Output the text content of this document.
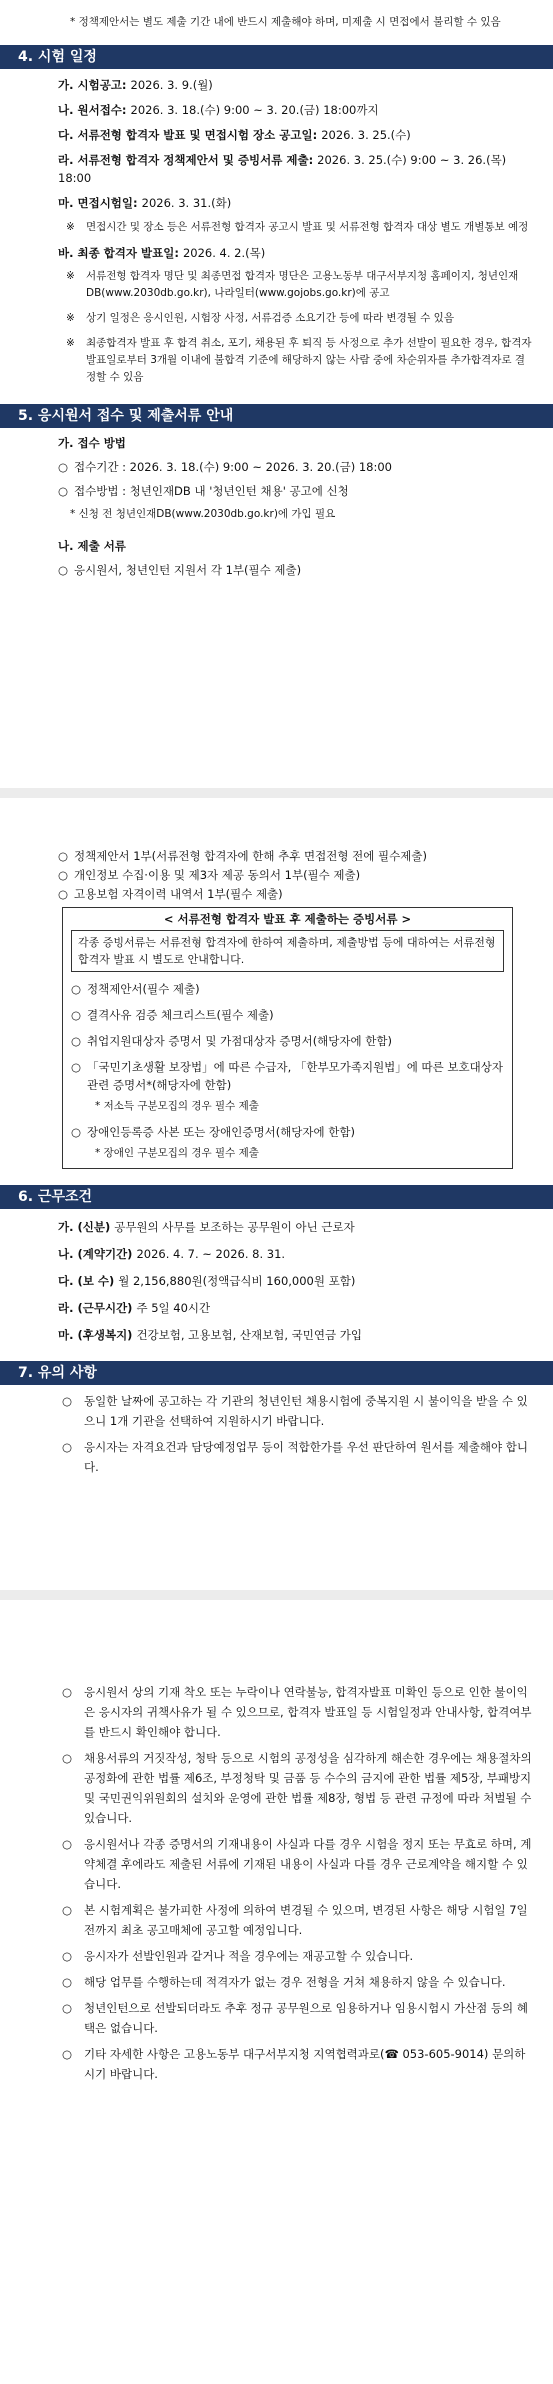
* 정책제안서는 별도 제출 기간 내에 반드시 제출해야 하며, 미제출 시 면접에서 불리할 수 있음

4. 시험 일정

가. 시험공고: 2026. 3. 9.(월)

나. 원서접수: 2026. 3. 18.(수) 9:00 ~ 3. 20.(금) 18:00까지

다. 서류전형 합격자 발표 및 면접시험 장소 공고일: 2026. 3. 25.(수)

라. 서류전형 합격자 정책제안서 및 증빙서류 제출: 2026. 3. 25.(수) 9:00 ~ 3. 26.(목) 18:00

마. 면접시험일: 2026. 3. 31.(화)

※	면접시간 및 장소 등은 서류전형 합격자 공고시 발표 및 서류전형 합격자 대상 별도 개별통보 예정

바. 최종 합격자 발표일: 2026. 4. 2.(목)

※	서류전형 합격자 명단 및 최종면접 합격자 명단은 고용노동부 대구서부지청 홈페이지, 청년인재DB(www.2030db.go.kr), 나라일터(www.gojobs.go.kr)에 공고
※	상기 일정은 응시인원, 시험장 사정, 서류검증 소요기간 등에 따라 변경될 수 있음
※	최종합격자 발표 후 합격 취소, 포기, 채용된 후 퇴직 등 사정으로 추가 선발이 필요한 경우, 합격자 발표일로부터 3개월 이내에 불합격 기준에 해당하지 않는 사람 중에 차순위자를 추가합격자로 결정할 수 있음
5. 응시원서 접수 및 제출서류 안내

가. 접수 방법

○ 접수기간 : 2026. 3. 18.(수) 9:00 ~ 2026. 3. 20.(금) 18:00
○ 접수방법 : 청년인재DB 내 '청년인턴 채용' 공고에 신청

* 신청 전 청년인재DB(www.2030db.go.kr)에 가입 필요

나. 제출 서류

○ 응시원서, 청년인턴 지원서 각 1부(필수 제출)
○ 정책제안서 1부(서류전형 합격자에 한해 추후 면접전형 전에 필수제출)
○ 개인정보 수집·이용 및 제3자 제공 동의서 1부(필수 제출)
○ 고용보험 자격이력 내역서 1부(필수 제출)
< 서류전형 합격자 발표 후 제출하는 증빙서류 >
각종 증빙서류는 서류전형 합격자에 한하여 제출하며, 제출방법 등에 대하여는 서류전형 합격자 발표 시 별도로 안내합니다.
○ 정책제안서(필수 제출)
○ 결격사유 검증 체크리스트(필수 제출)
○ 취업지원대상자 증명서 및 가점대상자 증명서(해당자에 한함)
○ 「국민기초생활 보장법」에 따른 수급자, 「한부모가족지원법」에 따른 보호대상자 관련 증명서*(해당자에 한함)

* 저소득 구분모집의 경우 필수 제출

○ 장애인등록증 사본 또는 장애인증명서(해당자에 한함)

* 장애인 구분모집의 경우 필수 제출

6. 근무조건

가. (신분) 공무원의 사무를 보조하는 공무원이 아닌 근로자

나. (계약기간) 2026. 4. 7. ~ 2026. 8. 31.

다. (보 수) 월 2,156,880원(정액급식비 160,000원 포함)

라. (근무시간) 주 5일 40시간

마. (후생복지) 건강보험, 고용보험, 산재보험, 국민연금 가입

7. 유의 사항
○	동일한 날짜에 공고하는 각 기관의 청년인턴 채용시험에 중복지원 시 불이익을 받을 수 있으니 1개 기관을 선택하여 지원하시기 바랍니다.
○	응시자는 자격요건과 담당예정업무 등이 적합한가를 우선 판단하여 원서를 제출해야 합니다.
○	응시원서 상의 기재 착오 또는 누락이나 연락불능, 합격자발표 미확인 등으로 인한 불이익은 응시자의 귀책사유가 될 수 있으므로, 합격자 발표일 등 시험일정과 안내사항, 합격여부를 반드시 확인해야 합니다.
○	채용서류의 거짓작성, 청탁 등으로 시험의 공정성을 심각하게 해손한 경우에는 채용절차의 공정화에 관한 법률 제6조, 부정청탁 및 금품 등 수수의 금지에 관한 법률 제5장, 부패방지 및 국민권익위원회의 설치와 운영에 관한 법률 제8장, 형법 등 관련 규정에 따라 처벌될 수 있습니다.
○	응시원서나 각종 증명서의 기재내용이 사실과 다를 경우 시험을 정지 또는 무효로 하며, 계약체결 후에라도 제출된 서류에 기재된 내용이 사실과 다를 경우 근로계약을 해지할 수 있습니다.
○	본 시험계획은 불가피한 사정에 의하여 변경될 수 있으며, 변경된 사항은 해당 시험일 7일 전까지 최초 공고매체에 공고할 예정입니다.
○	응시자가 선발인원과 같거나 적을 경우에는 재공고할 수 있습니다.
○	해당 업무를 수행하는데 적격자가 없는 경우 전형을 거쳐 채용하지 않을 수 있습니다.
○	청년인턴으로 선발되더라도 추후 정규 공무원으로 임용하거나 임용시험시 가산점 등의 혜택은 없습니다.
○	기타 자세한 사항은 고용노동부 대구서부지청 지역협력과로(☎ 053-605-9014) 문의하시기 바랍니다.
